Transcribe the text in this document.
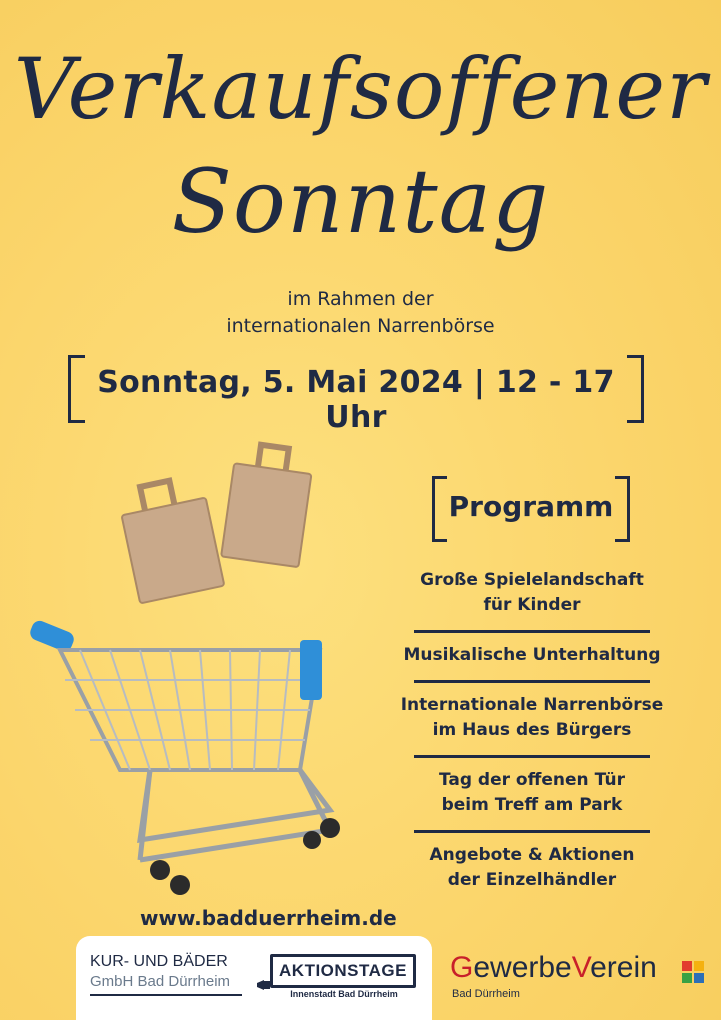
Verkaufsoffener
Sonntag
im Rahmen der
internationalen Narrenbörse
Sonntag, 5. Mai 2024 | 12 - 17 Uhr
Programm
Große Spielelandschaft
für Kinder
Musikalische Unterhaltung
Internationale Narrenbörse
im Haus des Bürgers
Tag der offenen Tür
beim Treff am Park
Angebote & Aktionen
der Einzelhändler
www.badduerrheim.de
KUR- UND BÄDER
GmbH Bad Dürrheim
AKTIONSTAGE
Innenstadt Bad Dürrheim
GewerbeVerein
Bad Dürrheim
